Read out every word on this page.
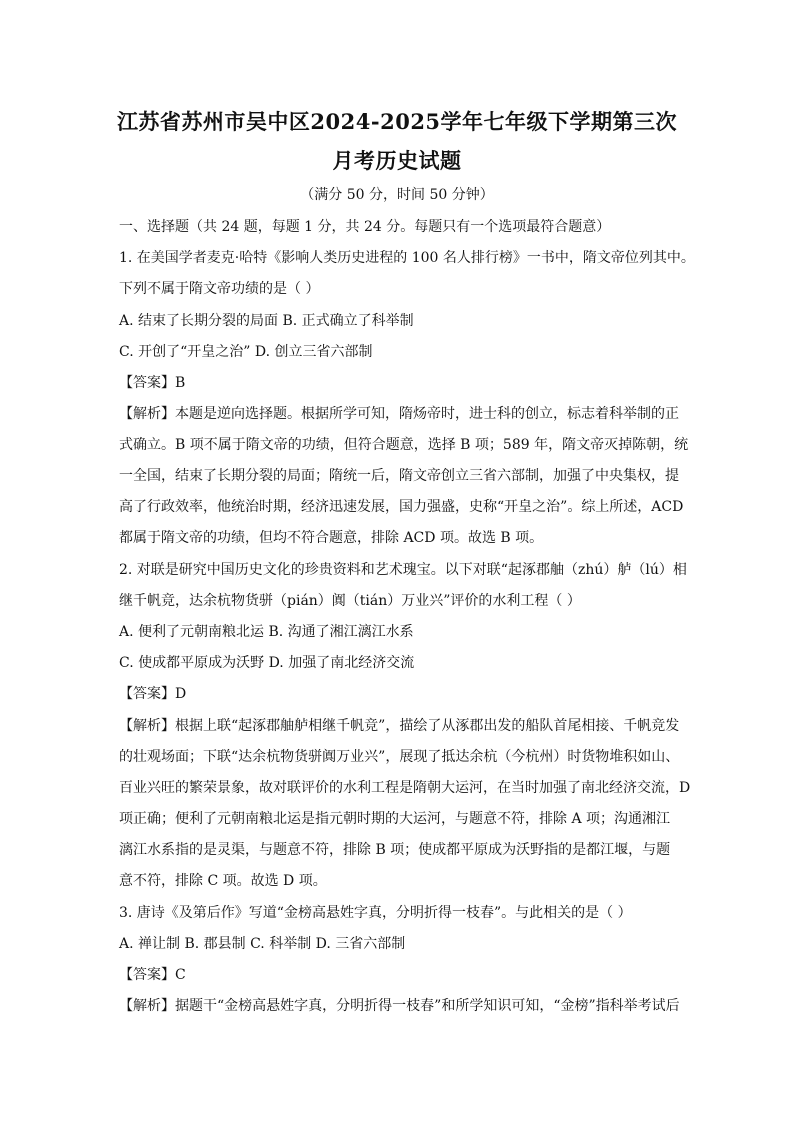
江苏省苏州市吴中区2024-2025学年七年级下学期第三次
月考历史试题
（满分 50 分，时间 50 分钟）
一、选择题（共 24 题，每题 1 分，共 24 分。每题只有一个选项最符合题意）
1. 在美国学者麦克·哈特《影响人类历史进程的 100 名人排行榜》一书中，隋文帝位列其中。
下列不属于隋文帝功绩的是（ ）
A. 结束了长期分裂的局面 B. 正式确立了科举制
C. 开创了“开皇之治” D. 创立三省六部制
【答案】B
【解析】本题是逆向选择题。根据所学可知，隋炀帝时，进士科的创立，标志着科举制的正
式确立。B 项不属于隋文帝的功绩，但符合题意，选择 B 项；589 年，隋文帝灭掉陈朝，统
一全国，结束了长期分裂的局面；隋统一后，隋文帝创立三省六部制，加强了中央集权，提
高了行政效率，他统治时期，经济迅速发展，国力强盛，史称“开皇之治”。综上所述，ACD
都属于隋文帝的功绩，但均不符合题意，排除 ACD 项。故选 B 项。
2. 对联是研究中国历史文化的珍贵资料和艺术瑰宝。以下对联“起涿郡舳（zhú）舻（lú）相
继千帆竞，达余杭物货骈（pián）阗（tián）万业兴”评价的水利工程（ ）
A. 便利了元朝南粮北运 B. 沟通了湘江漓江水系
C. 使成都平原成为沃野 D. 加强了南北经济交流
【答案】D
【解析】根据上联“起涿郡舳舻相继千帆竞”，描绘了从涿郡出发的船队首尾相接、千帆竞发
的壮观场面；下联“达余杭物货骈阗万业兴”，展现了抵达余杭（今杭州）时货物堆积如山、
百业兴旺的繁荣景象，故对联评价的水利工程是隋朝大运河，在当时加强了南北经济交流，D
项正确；便利了元朝南粮北运是指元朝时期的大运河，与题意不符，排除 A 项；沟通湘江
漓江水系指的是灵渠，与题意不符，排除 B 项；使成都平原成为沃野指的是都江堰，与题
意不符，排除 C 项。故选 D 项。
3. 唐诗《及第后作》写道“金榜高悬姓字真，分明折得一枝春”。与此相关的是（ ）
A. 禅让制 B. 郡县制 C. 科举制 D. 三省六部制
【答案】C
【解析】据题干“金榜高悬姓字真，分明折得一枝春”和所学知识可知，“金榜”指科举考试后
